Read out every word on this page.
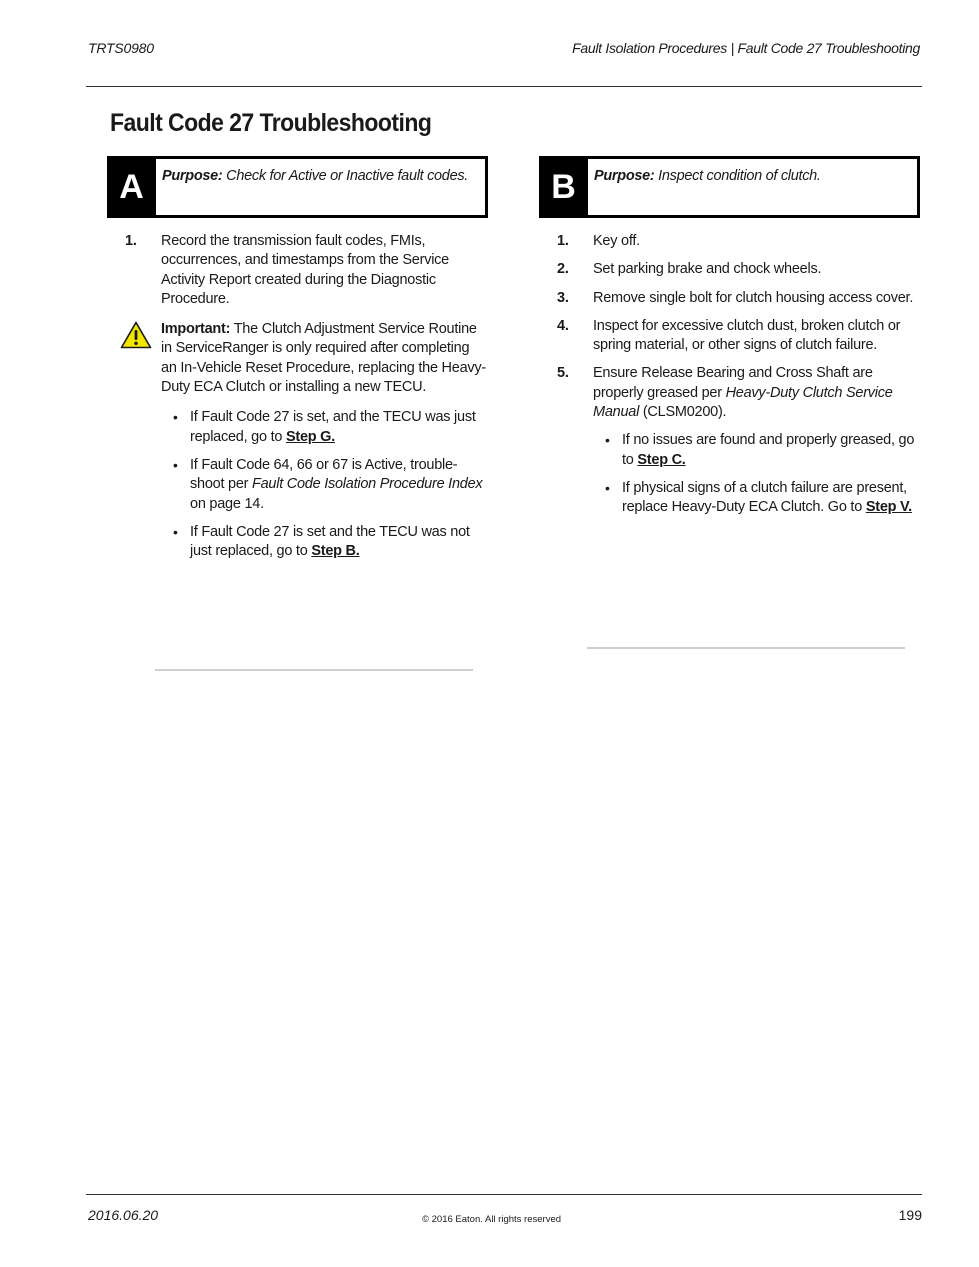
TRTS0980	Fault Isolation Procedures | Fault Code 27 Troubleshooting
Fault Code 27 Troubleshooting
A	Purpose: Check for Active or Inactive fault codes.	B	Purpose: Inspect condition of clutch.
1.	Record the transmission fault codes, FMIs, occurrences, and timestamps from the Service Activity Report created during the Diagnostic Procedure.
Important: The Clutch Adjustment Service Routine in ServiceRanger is only required after completing an In-Vehicle Reset Procedure, replacing the Heavy-Duty ECA Clutch or installing a new TECU.
• If Fault Code 27 is set, and the TECU was just replaced, go to Step G.
• If Fault Code 64, 66 or 67 is Active, trouble-shoot per Fault Code Isolation Procedure Index on page 14.
• If Fault Code 27 is set and the TECU was not just replaced, go to Step B.
1.	Key off.
2.	Set parking brake and chock wheels.
3.	Remove single bolt for clutch housing access cover.
4.	Inspect for excessive clutch dust, broken clutch or spring material, or other signs of clutch failure.
5.	Ensure Release Bearing and Cross Shaft are properly greased per Heavy-Duty Clutch Service Manual (CLSM0200).
• If no issues are found and properly greased, go to Step C.
• If physical signs of a clutch failure are present, replace Heavy-Duty ECA Clutch. Go to Step V.
2016.06.20	© 2016 Eaton. All rights reserved	199
